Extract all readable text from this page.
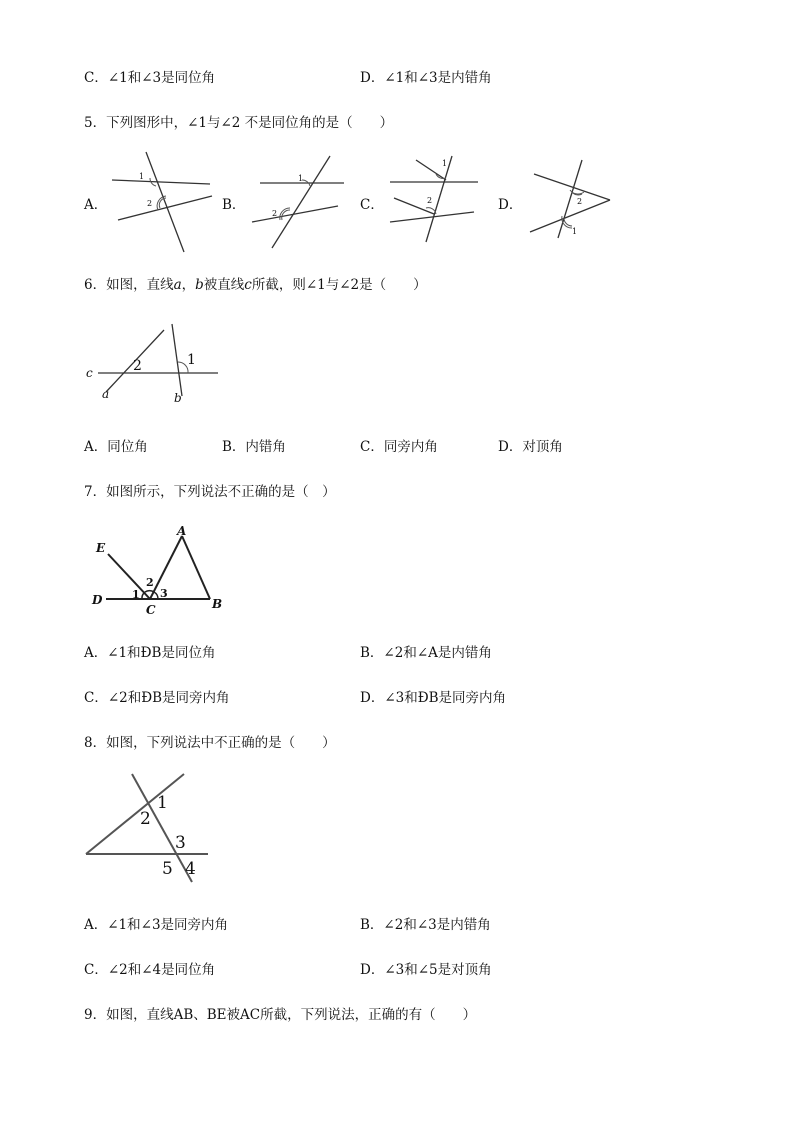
C．∠1和∠3是同位角	D．∠1和∠3是内错角
5．下列图形中，∠1与∠2 不是同位角的是（　　）
A．	B．	C．	D．
1
2
1
2
1
2	2
1
6．如图，直线𝑎，𝑏被直线𝑐所截，则∠1与∠2是（　　）
c
a	b
2	1
A．同位角	B．内错角	C．同旁内角	D．对顶角
7．如图所示，下列说法不正确的是（　）
D
E
A
B
C
1
2
3
A．∠1和ÐB是同位角	B．∠2和∠A是内错角
C．∠2和ÐB是同旁内角	D．∠3和ÐB是同旁内角
8．如图，下列说法中不正确的是（　　）
1
2
3
4
5
A．∠1和∠3是同旁内角	B．∠2和∠3是内错角
C．∠2和∠4是同位角	D．∠3和∠5是对顶角
9．如图，直线AB、BE被AC所截，下列说法，正确的有（　　）
